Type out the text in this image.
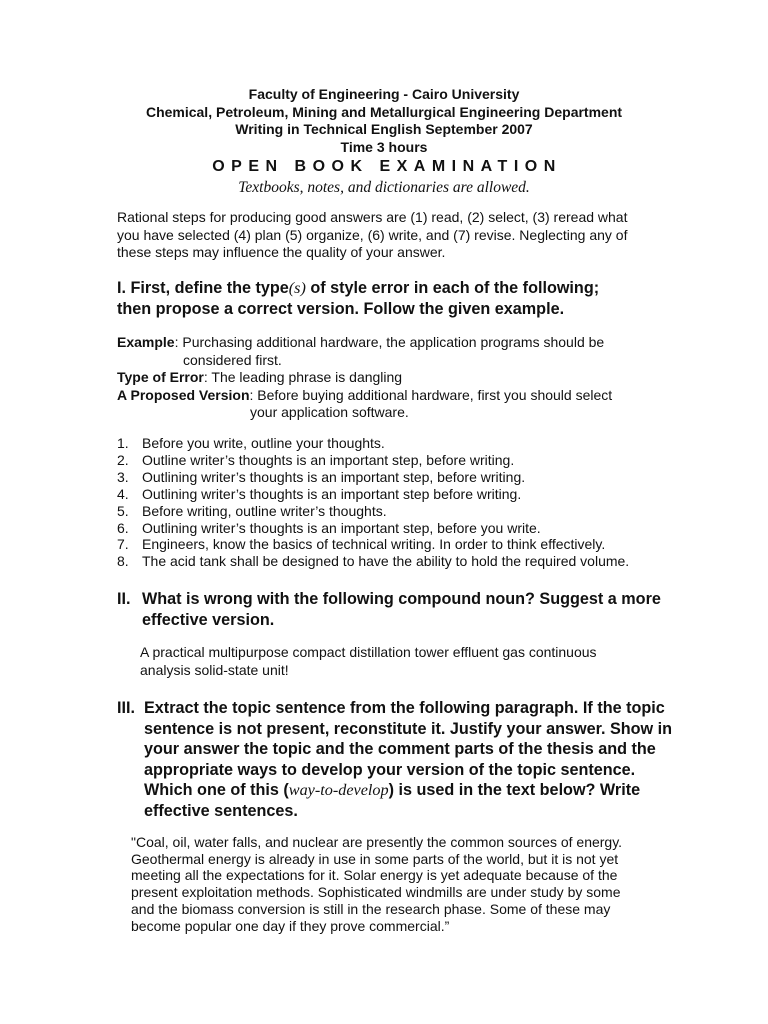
Faculty of Engineering - Cairo University
Chemical, Petroleum, Mining and Metallurgical Engineering Department
Writing in Technical English September 2007
Time 3 hours
OPEN BOOK EXAMINATION
Textbooks, notes, and dictionaries are allowed.
Rational steps for producing good answers are (1) read, (2) select, (3) reread what you have selected (4) plan (5) organize, (6) write, and (7) revise. Neglecting any of these steps may influence the quality of your answer.
I. First, define the type(s) of style error in each of the following;
then propose a correct version. Follow the given example.
Example: Purchasing additional hardware, the application programs should be
considered first.
Type of Error: The leading phrase is dangling
A Proposed Version: Before buying additional hardware, first you should select
your application software.
1. Before you write, outline your thoughts.
2. Outline writer’s thoughts is an important step, before writing.
3. Outlining writer’s thoughts is an important step, before writing.
4. Outlining writer’s thoughts is an important step before writing.
5. Before writing, outline writer’s thoughts.
6. Outlining writer’s thoughts is an important step, before you write.
7. Engineers, know the basics of technical writing. In order to think effectively.
8. The acid tank shall be designed to have the ability to hold the required volume.
II. What is wrong with the following compound noun? Suggest a more effective version.
A practical multipurpose compact distillation tower effluent gas continuous analysis solid-state unit!
III. Extract the topic sentence from the following paragraph. If the topic sentence is not present, reconstitute it. Justify your answer. Show in your answer the topic and the comment parts of the thesis and the appropriate ways to develop your version of the topic sentence. Which one of this (way-to-develop) is used in the text below? Write effective sentences.
"Coal, oil, water falls, and nuclear are presently the common sources of energy. Geothermal energy is already in use in some parts of the world, but it is not yet meeting all the expectations for it. Solar energy is yet adequate because of the present exploitation methods. Sophisticated windmills are under study by some and the biomass conversion is still in the research phase. Some of these may become popular one day if they prove commercial.”
